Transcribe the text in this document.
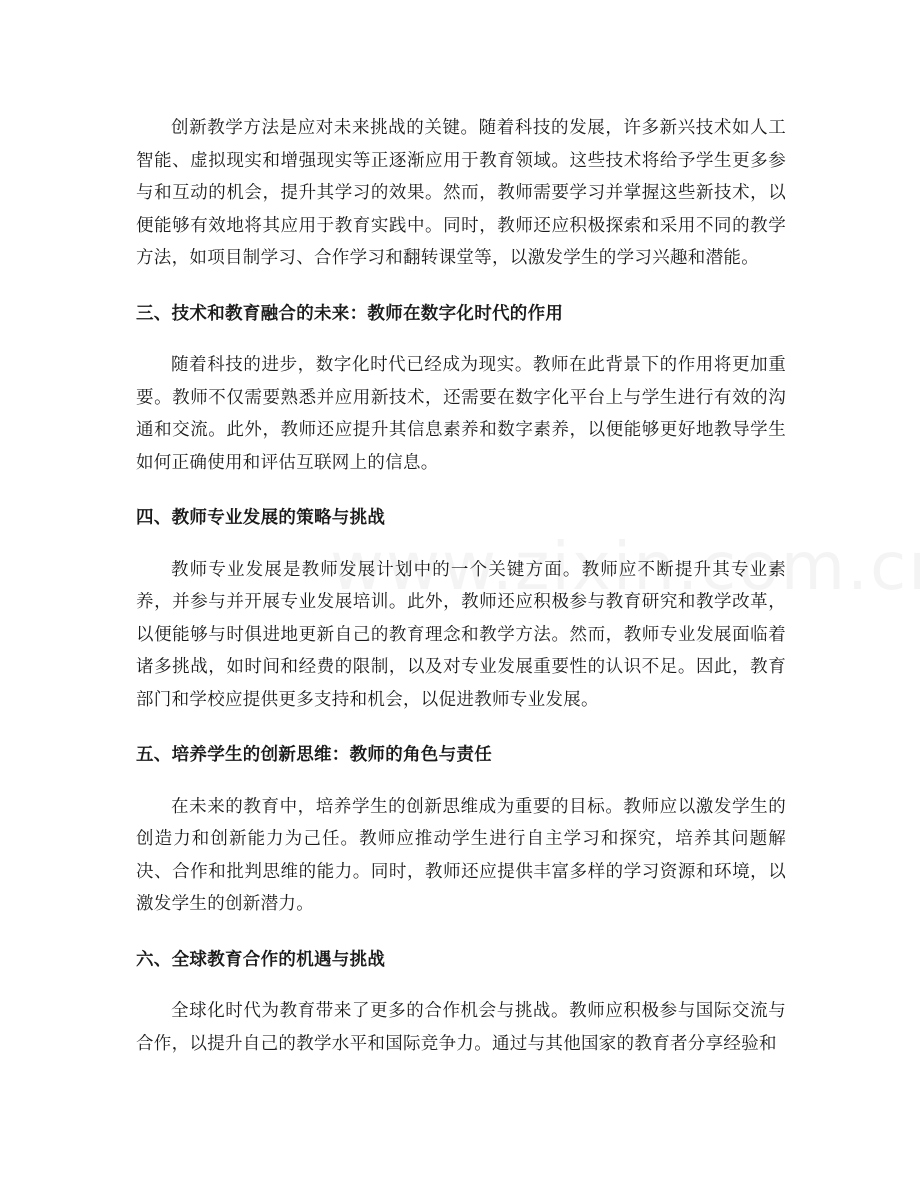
创新教学方法是应对未来挑战的关键。随着科技的发展，许多新兴技术如人工智能、虚拟现实和增强现实等正逐渐应用于教育领域。这些技术将给予学生更多参与和互动的机会，提升其学习的效果。然而，教师需要学习并掌握这些新技术，以便能够有效地将其应用于教育实践中。同时，教师还应积极探索和采用不同的教学方法，如项目制学习、合作学习和翻转课堂等，以激发学生的学习兴趣和潜能。

三、技术和教育融合的未来：教师在数字化时代的作用

随着科技的进步，数字化时代已经成为现实。教师在此背景下的作用将更加重要。教师不仅需要熟悉并应用新技术，还需要在数字化平台上与学生进行有效的沟通和交流。此外，教师还应提升其信息素养和数字素养，以便能够更好地教导学生如何正确使用和评估互联网上的信息。

四、教师专业发展的策略与挑战

教师专业发展是教师发展计划中的一个关键方面。教师应不断提升其专业素养，并参与并开展专业发展培训。此外，教师还应积极参与教育研究和教学改革，以便能够与时俱进地更新自己的教育理念和教学方法。然而，教师专业发展面临着诸多挑战，如时间和经费的限制，以及对专业发展重要性的认识不足。因此，教育部门和学校应提供更多支持和机会，以促进教师专业发展。

五、培养学生的创新思维：教师的角色与责任

在未来的教育中，培养学生的创新思维成为重要的目标。教师应以激发学生的创造力和创新能力为己任。教师应推动学生进行自主学习和探究，培养其问题解决、合作和批判思维的能力。同时，教师还应提供丰富多样的学习资源和环境，以激发学生的创新潜力。

六、全球教育合作的机遇与挑战

全球化时代为教育带来了更多的合作机会与挑战。教师应积极参与国际交流与合作，以提升自己的教学水平和国际竞争力。通过与其他国家的教育者分享经验和
